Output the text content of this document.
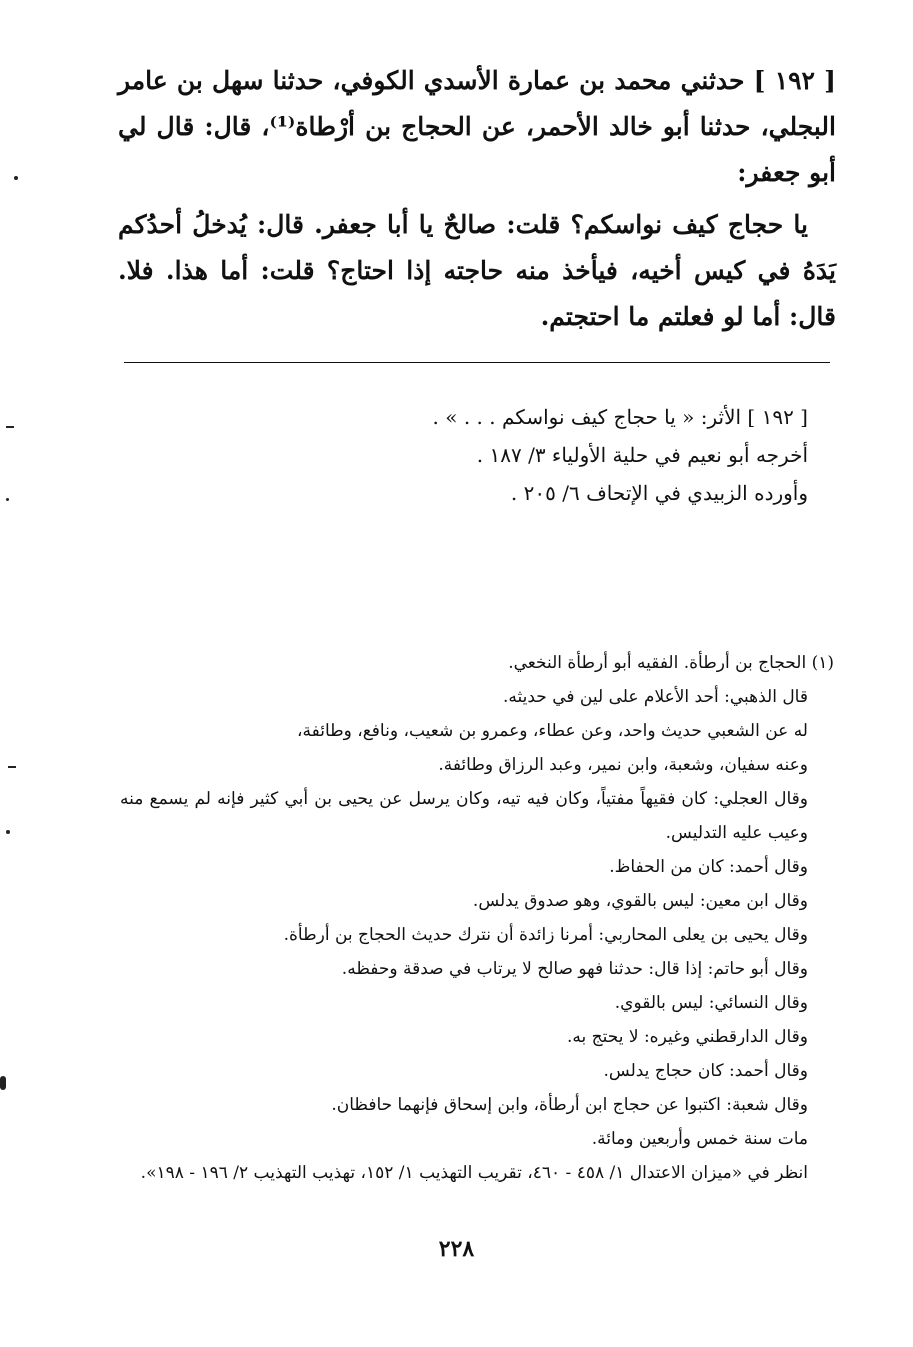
[ ١٩٢ ] حدثني محمد بن عمارة الأسدي الكوفي، حدثنا سهل بن عامر البجلي، حدثنا أبو خالد الأحمر، عن الحجاج بن أرْطاة⁽¹⁾، قال: قال لي أبو جعفر:

يا حجاج كيف نواسكم؟ قلت: صالحٌ يا أبا جعفر. قال: يُدخلُ أحدُكم يَدَهُ في كيس أخيه، فيأخذ منه حاجته إذا احتاج؟ قلت: أما هذا. فلا. قال: أما لو فعلتم ما احتجتم.

[ ١٩٢ ] الأثر: « يا حجاج كيف نواسكم . . . » .
أخرجه أبو نعيم في حلية الأولياء ٣/ ١٨٧ .
وأورده الزبيدي في الإتحاف ٦/ ٢٠٥ .
(١) الحجاج بن أرطأة. الفقيه أبو أرطأة النخعي.
قال الذهبي: أحد الأعلام على لين في حديثه.
له عن الشعبي حديث واحد، وعن عطاء، وعمرو بن شعيب، ونافع، وطائفة،
وعنه سفيان، وشعبة، وابن نمير، وعبد الرزاق وطائفة.
وقال العجلي: كان فقيهاً مفتياً، وكان فيه تيه، وكان يرسل عن يحيى بن أبي كثير فإنه لم يسمع منه وعيب عليه التدليس.
وقال أحمد: كان من الحفاظ.
وقال ابن معين: ليس بالقوي، وهو صدوق يدلس.
وقال يحيى بن يعلى المحاربي: أمرنا زائدة أن نترك حديث الحجاج بن أرطأة.
وقال أبو حاتم: إذا قال: حدثنا فهو صالح لا يرتاب في صدقة وحفظه.
وقال النسائي: ليس بالقوي.
وقال الدارقطني وغيره: لا يحتج به.
وقال أحمد: كان حجاج يدلس.
وقال شعبة: اكتبوا عن حجاج ابن أرطأة، وابن إسحاق فإنهما حافظان.
مات سنة خمس وأربعين ومائة.
انظر في «ميزان الاعتدال ١/ ٤٥٨ - ٤٦٠، تقريب التهذيب ١/ ١٥٢، تهذيب التهذيب ٢/ ١٩٦ - ١٩٨».
٢٢٨
